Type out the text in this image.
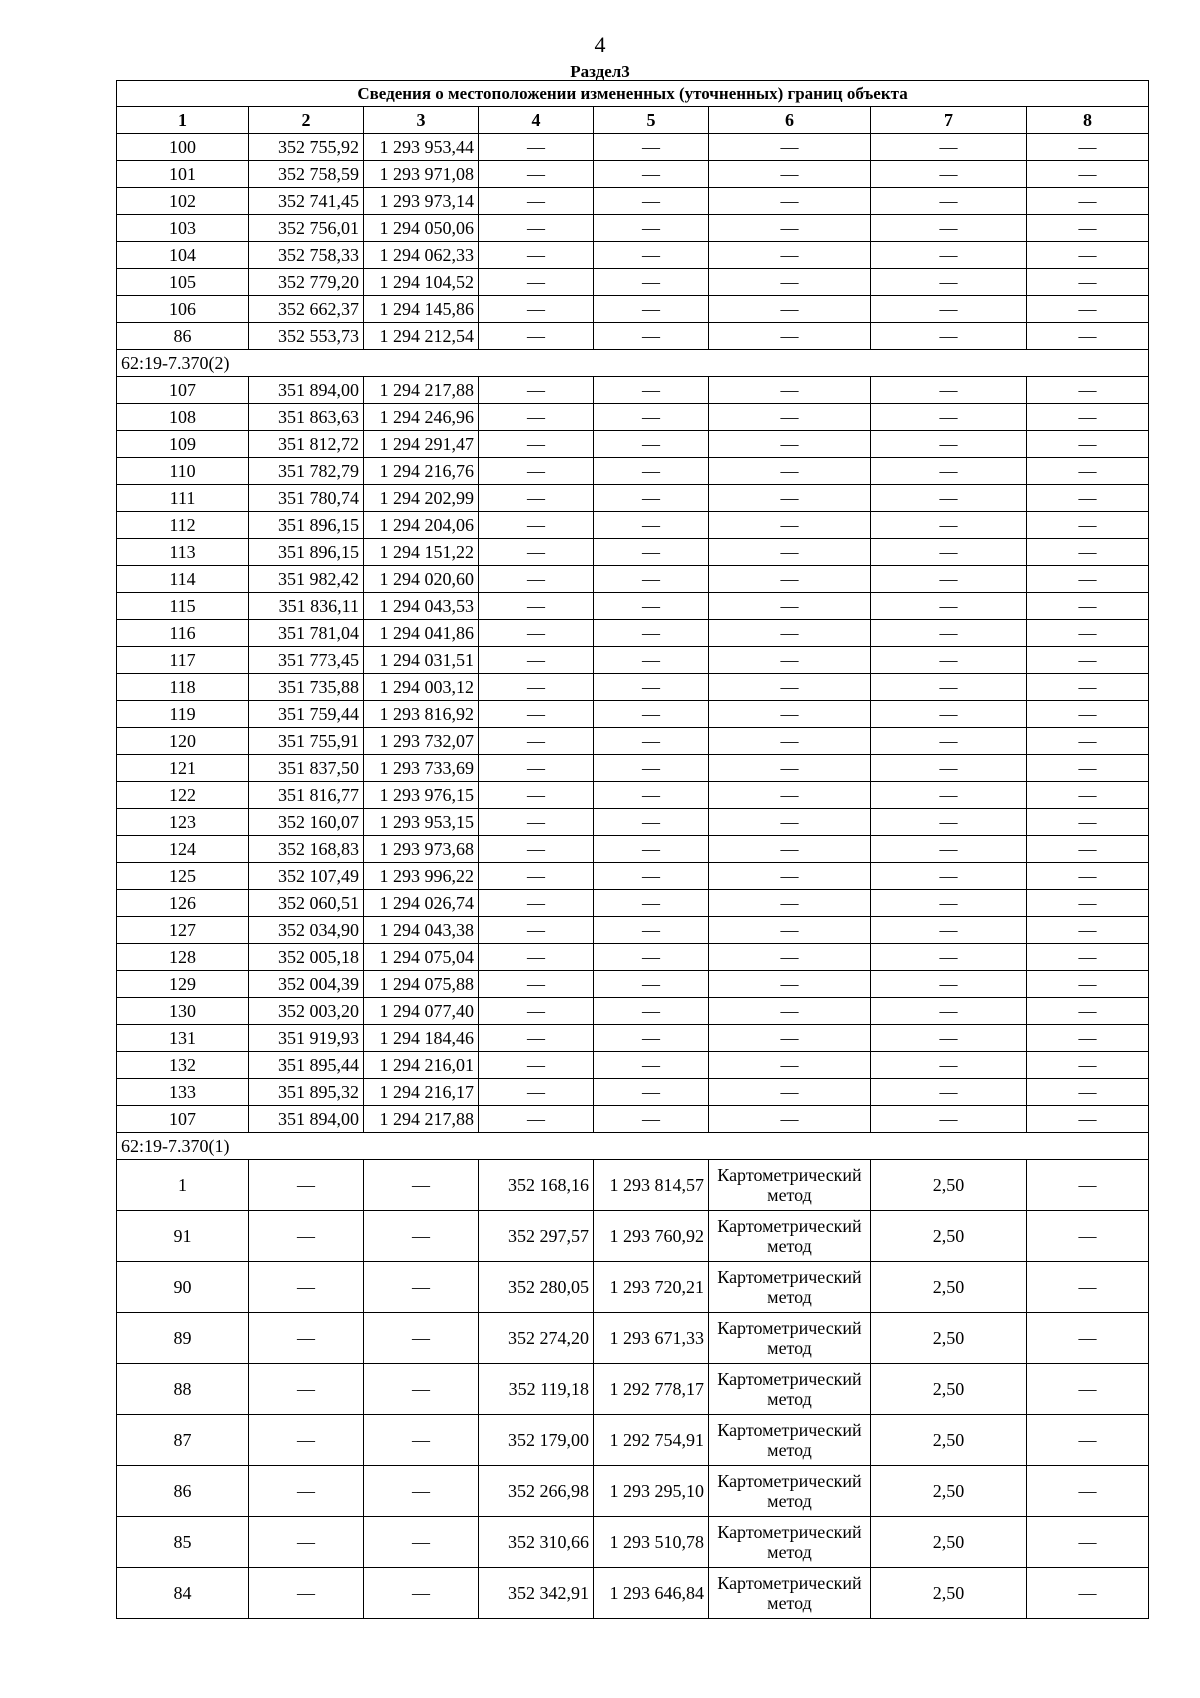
4
Раздел3
Сведения о местоположении измененных (уточненных) границ объекта							
1	2	3	4	5	6	7	8
100	352 755,92	1 293 953,44	—	—	—	—	—
101	352 758,59	1 293 971,08	—	—	—	—	—
102	352 741,45	1 293 973,14	—	—	—	—	—
103	352 756,01	1 294 050,06	—	—	—	—	—
104	352 758,33	1 294 062,33	—	—	—	—	—
105	352 779,20	1 294 104,52	—	—	—	—	—
106	352 662,37	1 294 145,86	—	—	—	—	—
86	352 553,73	1 294 212,54	—	—	—	—	—
62:19-7.370(2)							
107	351 894,00	1 294 217,88	—	—	—	—	—
108	351 863,63	1 294 246,96	—	—	—	—	—
109	351 812,72	1 294 291,47	—	—	—	—	—
110	351 782,79	1 294 216,76	—	—	—	—	—
111	351 780,74	1 294 202,99	—	—	—	—	—
112	351 896,15	1 294 204,06	—	—	—	—	—
113	351 896,15	1 294 151,22	—	—	—	—	—
114	351 982,42	1 294 020,60	—	—	—	—	—
115	351 836,11	1 294 043,53	—	—	—	—	—
116	351 781,04	1 294 041,86	—	—	—	—	—
117	351 773,45	1 294 031,51	—	—	—	—	—
118	351 735,88	1 294 003,12	—	—	—	—	—
119	351 759,44	1 293 816,92	—	—	—	—	—
120	351 755,91	1 293 732,07	—	—	—	—	—
121	351 837,50	1 293 733,69	—	—	—	—	—
122	351 816,77	1 293 976,15	—	—	—	—	—
123	352 160,07	1 293 953,15	—	—	—	—	—
124	352 168,83	1 293 973,68	—	—	—	—	—
125	352 107,49	1 293 996,22	—	—	—	—	—
126	352 060,51	1 294 026,74	—	—	—	—	—
127	352 034,90	1 294 043,38	—	—	—	—	—
128	352 005,18	1 294 075,04	—	—	—	—	—
129	352 004,39	1 294 075,88	—	—	—	—	—
130	352 003,20	1 294 077,40	—	—	—	—	—
131	351 919,93	1 294 184,46	—	—	—	—	—
132	351 895,44	1 294 216,01	—	—	—	—	—
133	351 895,32	1 294 216,17	—	—	—	—	—
107	351 894,00	1 294 217,88	—	—	—	—	—
62:19-7.370(1)							
1	—	—	352 168,16	1 293 814,57	Картометрический метод	2,50	—
91	—	—	352 297,57	1 293 760,92	Картометрический метод	2,50	—
90	—	—	352 280,05	1 293 720,21	Картометрический метод	2,50	—
89	—	—	352 274,20	1 293 671,33	Картометрический метод	2,50	—
88	—	—	352 119,18	1 292 778,17	Картометрический метод	2,50	—
87	—	—	352 179,00	1 292 754,91	Картометрический метод	2,50	—
86	—	—	352 266,98	1 293 295,10	Картометрический метод	2,50	—
85	—	—	352 310,66	1 293 510,78	Картометрический метод	2,50	—
84	—	—	352 342,91	1 293 646,84	Картометрический метод	2,50	—
